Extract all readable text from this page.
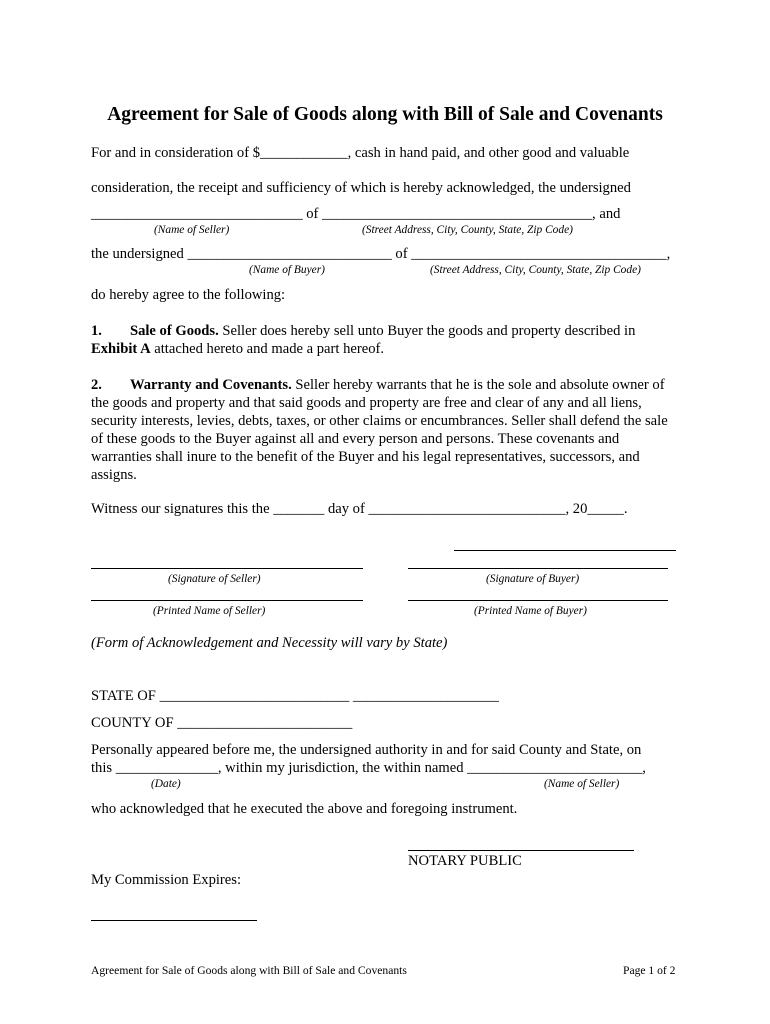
Agreement for Sale of Goods along with Bill of Sale and Covenants
For and in consideration of $____________, cash in hand paid, and other good and valuable
consideration, the receipt and sufficiency of which is hereby acknowledged, the undersigned
_____________________________ of _____________________________________, and
(Name of Seller)	(Street Address, City, County, State, Zip Code)
the undersigned ____________________________ of ___________________________________,
(Name of Buyer)	(Street Address, City, County, State, Zip Code)
do hereby agree to the following:
1. Sale of Goods. Seller does hereby sell unto Buyer the goods and property described in
Exhibit A attached hereto and made a part hereof.
2. Warranty and Covenants. Seller hereby warrants that he is the sole and absolute owner of the goods and property and that said goods and property are free and clear of any and all liens, security interests, levies, debts, taxes, or other claims or encumbrances. Seller shall defend the sale of these goods to the Buyer against all and every person and persons. These covenants and warranties shall inure to the benefit of the Buyer and his legal representatives, successors, and assigns.
Witness our signatures this the _______ day of ___________________________, 20_____.
(Signature of Seller)	(Signature of Buyer)
(Printed Name of Seller)	(Printed Name of Buyer)
(Form of Acknowledgement and Necessity will vary by State)
STATE OF __________________________ ____________________
COUNTY OF ________________________
Personally appeared before me, the undersigned authority in and for said County and State, on
this ______________, within my jurisdiction, the within named ________________________,
(Date)	(Name of Seller)
who acknowledged that he executed the above and foregoing instrument.
NOTARY PUBLIC
My Commission Expires:
Agreement for Sale of Goods along with Bill of Sale and Covenants	Page 1 of 2
